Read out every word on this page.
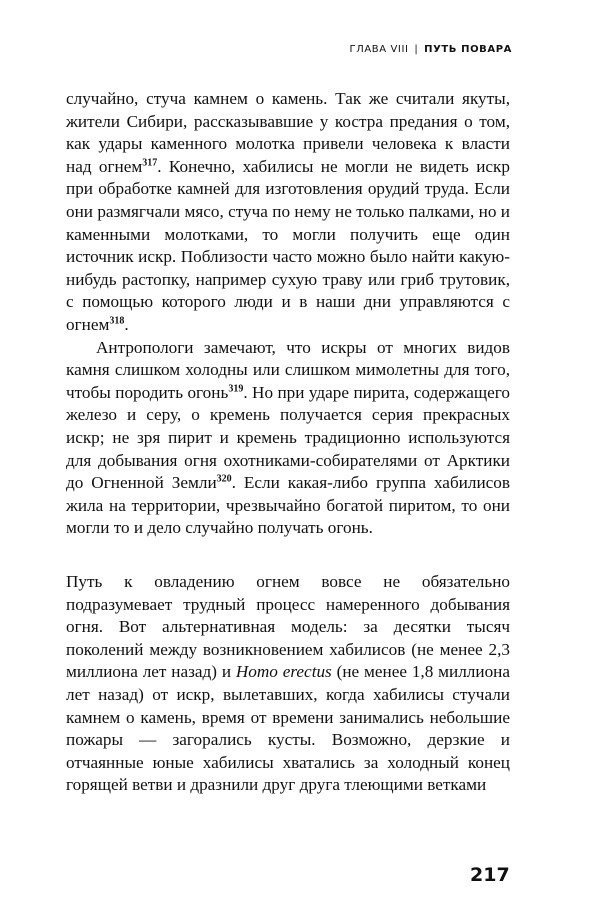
ГЛАВА VIII | ПУТЬ ПОВАРА

случайно, стуча камнем о камень. Так же считали якуты, жители Сибири, рассказывавшие у костра предания о том, как удары каменного молотка привели человека к власти над огнем$^{317}$. Конечно, хабилисы не могли не видеть искр при обработке камней для изготовления орудий труда. Если они размягчали мясо, стуча по нему не только палками, но и каменными молотками, то могли получить еще один источник искр. Поблизости часто можно было найти какую-нибудь растопку, например сухую траву или гриб трутовик, с помощью которого люди и в наши дни управляются с огнем$^{318}$.

Антропологи замечают, что искры от многих видов камня слишком холодны или слишком мимолетны для того, чтобы породить огонь$^{319}$. Но при ударе пирита, содержащего железо и серу, о кремень получается серия прекрасных искр; не зря пирит и кремень традиционно используются для добывания огня охотниками-собирателями от Арктики до Огненной Земли$^{320}$. Если какая-либо группа хабилисов жила на территории, чрезвычайно богатой пиритом, то они могли то и дело случайно получать огонь.

Путь к овладению огнем вовсе не обязательно подразумевает трудный процесс намеренного добывания огня. Вот альтернативная модель: за десятки тысяч поколений между возникновением хабилисов (не менее 2,3 миллиона лет назад) и Homo erectus (не менее 1,8 миллиона лет назад) от искр, вылетавших, когда хабилисы стучали камнем о камень, время от времени занимались небольшие пожары — загорались кусты. Возможно, дерзкие и отчаянные юные хабилисы хватались за холодный конец горящей ветви и дразнили друг друга тлеющими ветками

217
